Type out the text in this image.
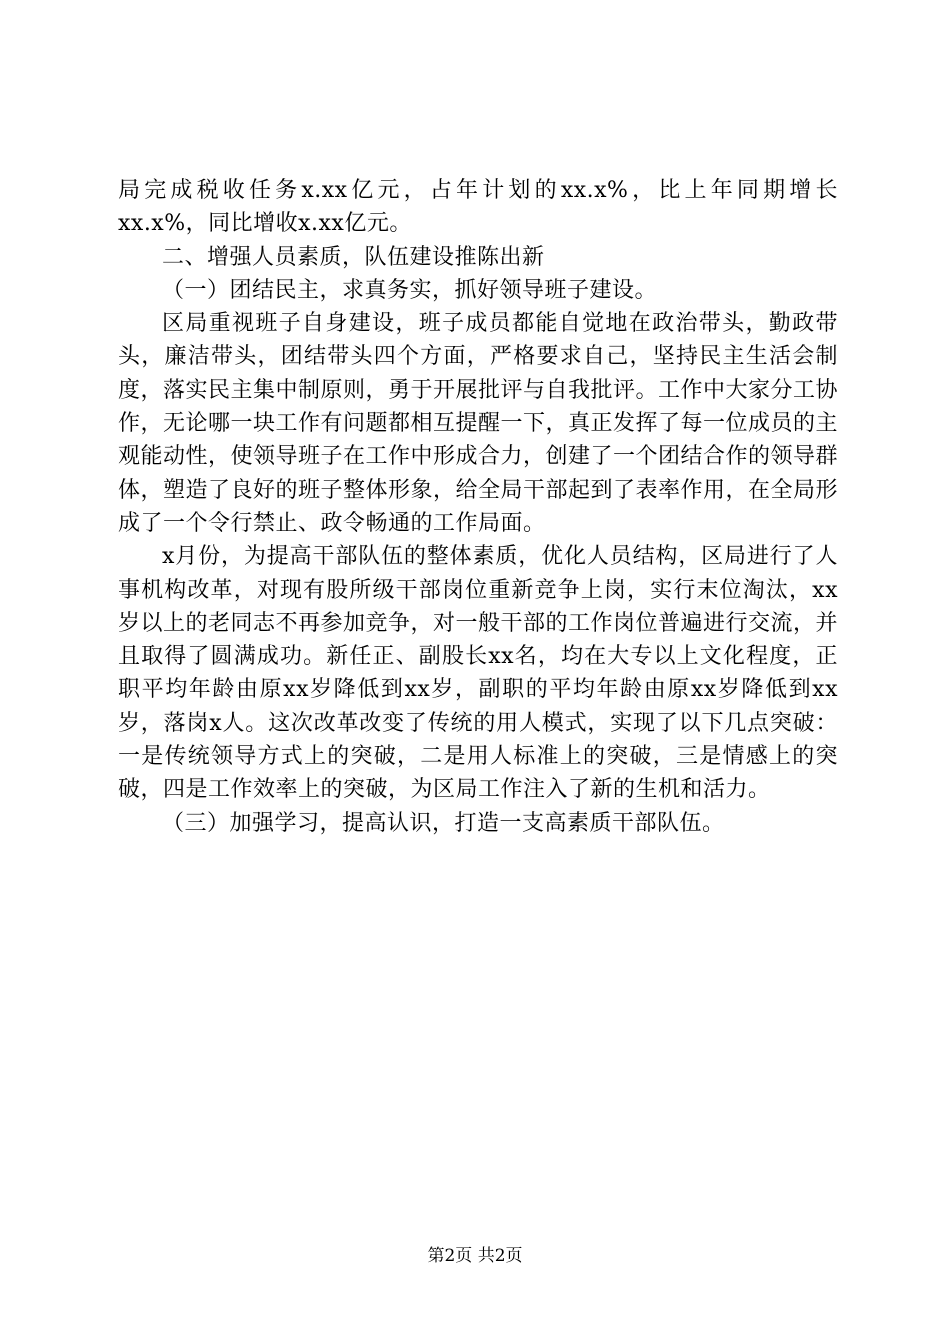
局完成税收任务x.xx亿元，占年计划的xx.x%，比上年同期增长xx.x%，同比增收x.xx亿元。

二、增强人员素质，队伍建设推陈出新

（一）团结民主，求真务实，抓好领导班子建设。

区局重视班子自身建设，班子成员都能自觉地在政治带头，勤政带头，廉洁带头，团结带头四个方面，严格要求自己，坚持民主生活会制度，落实民主集中制原则，勇于开展批评与自我批评。工作中大家分工协作，无论哪一块工作有问题都相互提醒一下，真正发挥了每一位成员的主观能动性，使领导班子在工作中形成合力，创建了一个团结合作的领导群体，塑造了良好的班子整体形象，给全局干部起到了表率作用，在全局形成了一个令行禁止、政令畅通的工作局面。

x月份，为提高干部队伍的整体素质，优化人员结构，区局进行了人事机构改革，对现有股所级干部岗位重新竞争上岗，实行末位淘汰，xx岁以上的老同志不再参加竞争，对一般干部的工作岗位普遍进行交流，并且取得了圆满成功。新任正、副股长xx名，均在大专以上文化程度，正职平均年龄由原xx岁降低到xx岁，副职的平均年龄由原xx岁降低到xx岁，落岗x人。这次改革改变了传统的用人模式，实现了以下几点突破：一是传统领导方式上的突破，二是用人标准上的突破，三是情感上的突破，四是工作效率上的突破，为区局工作注入了新的生机和活力。

（三）加强学习，提高认识，打造一支高素质干部队伍。

第2页 共2页
